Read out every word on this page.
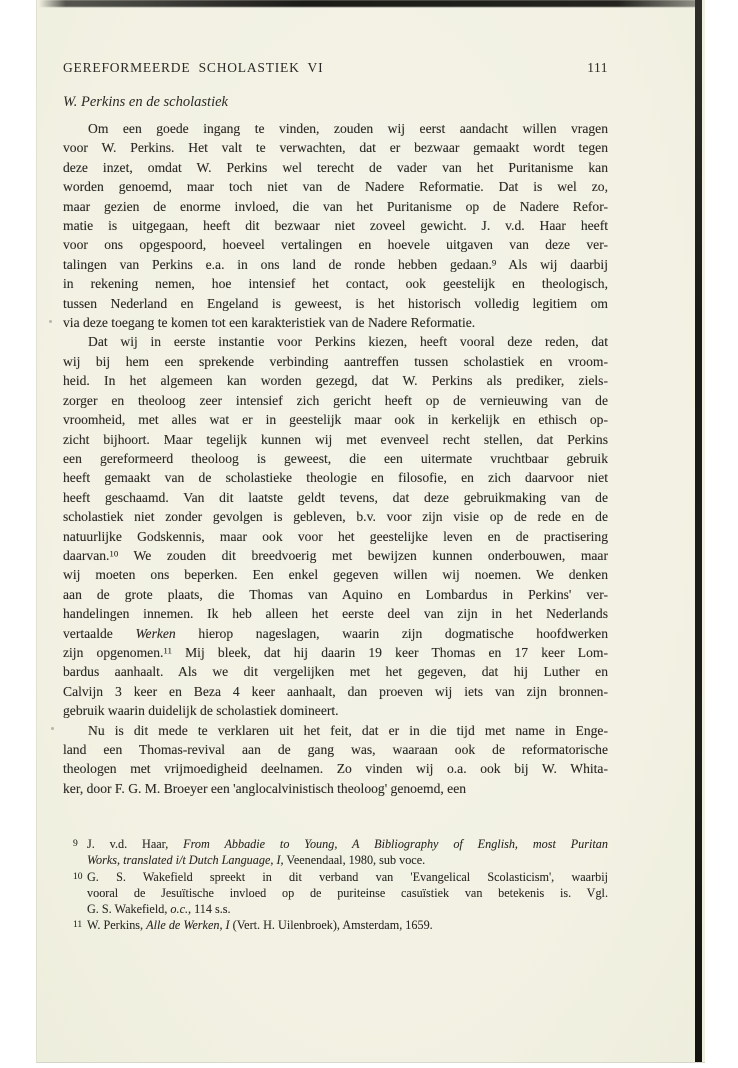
GEREFORMEERDE SCHOLASTIEK VI	111
W. Perkins en de scholastiek
Om een goede ingang te vinden, zouden wij eerst aandacht willen vragen
voor W. Perkins. Het valt te verwachten, dat er bezwaar gemaakt wordt tegen
deze inzet, omdat W. Perkins wel terecht de vader van het Puritanisme kan
worden genoemd, maar toch niet van de Nadere Reformatie. Dat is wel zo,
maar gezien de enorme invloed, die van het Puritanisme op de Nadere Refor-
matie is uitgegaan, heeft dit bezwaar niet zoveel gewicht. J. v.d. Haar heeft
voor ons opgespoord, hoeveel vertalingen en hoevele uitgaven van deze ver-
talingen van Perkins e.a. in ons land de ronde hebben gedaan.$^9$ Als wij daarbij
in rekening nemen, hoe intensief het contact, ook geestelijk en theologisch,
tussen Nederland en Engeland is geweest, is het historisch volledig legitiem om
via deze toegang te komen tot een karakteristiek van de Nadere Reformatie.
Dat wij in eerste instantie voor Perkins kiezen, heeft vooral deze reden, dat
wij bij hem een sprekende verbinding aantreffen tussen scholastiek en vroom-
heid. In het algemeen kan worden gezegd, dat W. Perkins als prediker, ziels-
zorger en theoloog zeer intensief zich gericht heeft op de vernieuwing van de
vroomheid, met alles wat er in geestelijk maar ook in kerkelijk en ethisch op-
zicht bijhoort. Maar tegelijk kunnen wij met evenveel recht stellen, dat Perkins
een gereformeerd theoloog is geweest, die een uitermate vruchtbaar gebruik
heeft gemaakt van de scholastieke theologie en filosofie, en zich daarvoor niet
heeft geschaamd. Van dit laatste geldt tevens, dat deze gebruikmaking van de
scholastiek niet zonder gevolgen is gebleven, b.v. voor zijn visie op de rede en de
natuurlijke Godskennis, maar ook voor het geestelijke leven en de practisering
daarvan.$^{10}$ We zouden dit breedvoerig met bewijzen kunnen onderbouwen, maar
wij moeten ons beperken. Een enkel gegeven willen wij noemen. We denken
aan de grote plaats, die Thomas van Aquino en Lombardus in Perkins' ver-
handelingen innemen. Ik heb alleen het eerste deel van zijn in het Nederlands
vertaalde Werken hierop nageslagen, waarin zijn dogmatische hoofdwerken
zijn opgenomen.$^{11}$ Mij bleek, dat hij daarin 19 keer Thomas en 17 keer Lom-
bardus aanhaalt. Als we dit vergelijken met het gegeven, dat hij Luther en
Calvijn 3 keer en Beza 4 keer aanhaalt, dan proeven wij iets van zijn bronnen-
gebruik waarin duidelijk de scholastiek domineert.
Nu is dit mede te verklaren uit het feit, dat er in die tijd met name in Enge-
land een Thomas-revival aan de gang was, waaraan ook de reformatorische
theologen met vrijmoedigheid deelnamen. Zo vinden wij o.a. ook bij W. Whita-
ker, door F. G. M. Broeyer een 'anglocalvinistisch theoloog' genoemd, een
9 J. v.d. Haar, From Abbadie to Young, A Bibliography of English, most Puritan
Works, translated i/t Dutch Language, I, Veenendaal, 1980, sub voce.
10 G. S. Wakefield spreekt in dit verband van 'Evangelical Scolasticism', waarbij
vooral de Jesuïtische invloed op de puriteinse casuïstiek van betekenis is. Vgl.
G. S. Wakefield, o.c., 114 s.s.
11 W. Perkins, Alle de Werken, I (Vert. H. Uilenbroek), Amsterdam, 1659.
